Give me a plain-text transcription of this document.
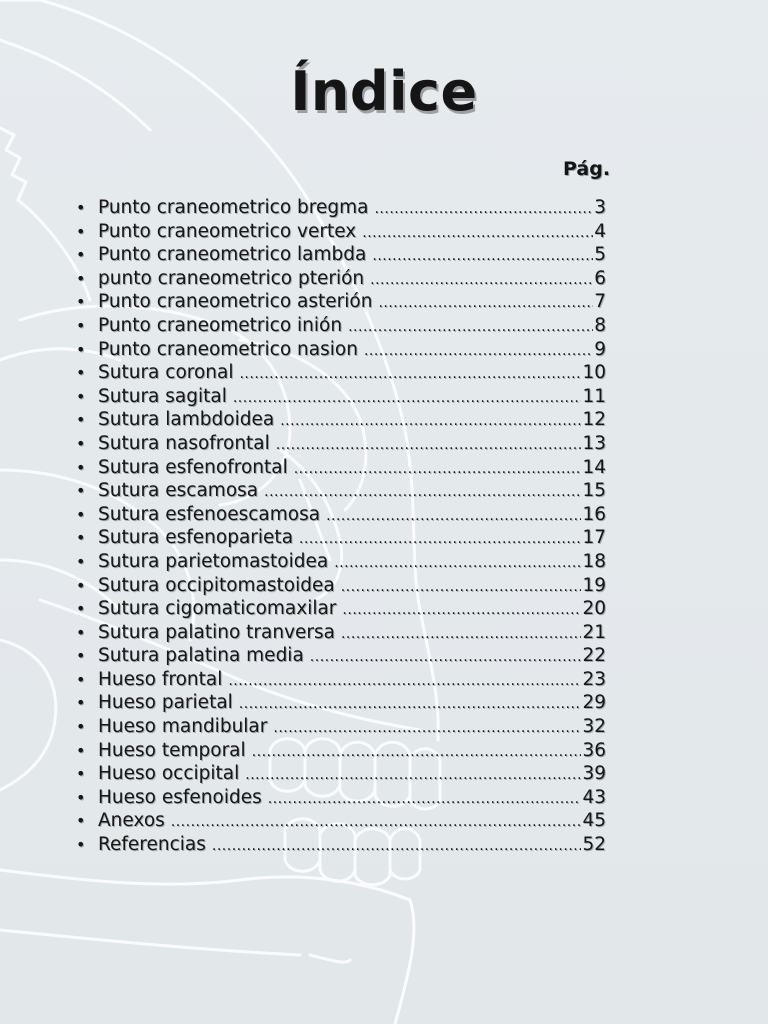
Índice
Pág.
• Punto craneometrico bregma .....	3
• Punto craneometrico vertex .....	4
• Punto craneometrico lambda .....	5
• punto craneometrico pterión .....	6
• Punto craneometrico asterión .....	7
• Punto craneometrico inión .....	8
• Punto craneometrico nasion .....	9
• Sutura coronal .....	10
• Sutura sagital .....	11
• Sutura lambdoidea .....	12
• Sutura nasofrontal .....	13
• Sutura esfenofrontal .....	14
• Sutura escamosa .....	15
• Sutura esfenoescamosa .....	16
• Sutura esfenoparieta .....	17
• Sutura parietomastoidea .....	18
• Sutura occipitomastoidea .....	19
• Sutura cigomaticomaxilar .....	20
• Sutura palatino tranversa .....	21
• Sutura palatina media .....	22
• Hueso frontal .....	23
• Hueso parietal .....	29
• Hueso mandibular .....	32
• Hueso temporal .....	36
• Hueso occipital .....	39
• Hueso esfenoides .....	43
• Anexos .....	45
• Referencias .....	52
